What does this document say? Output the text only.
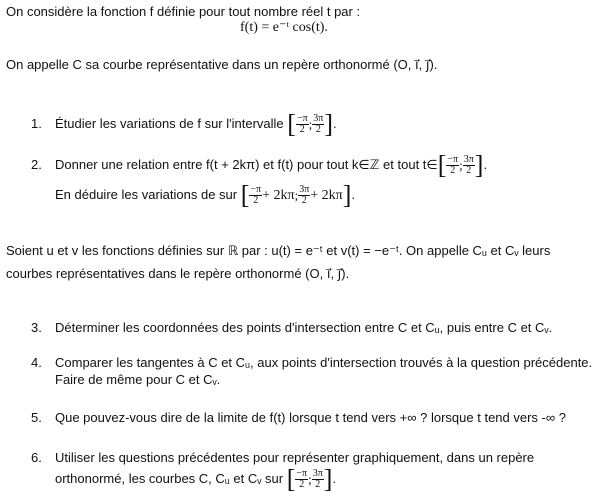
On considère la fonction f définie pour tout nombre réel t par :
f(t) = e⁻ᵗ cos(t).
On appelle C sa courbe représentative dans un repère orthonormé (O, i⃗, j⃗).
1. Étudier les variations de f sur l'intervalle [ $\frac{-\pi}{2}$ ; $\frac{3\pi}{2}$ ].
2. Donner une relation entre f(t + 2kπ) et f(t) pour tout k∈ℤ et tout t∈[ $\frac{-\pi}{2}$ ; $\frac{3\pi}{2}$ ].
En déduire les variations de sur [ $\frac{-\pi}{2} + 2k\pi$; $\frac{3\pi}{2} + 2k\pi$].
Soient u et v les fonctions définies sur ℝ par : u(t) = e⁻ᵗ et v(t) = −e⁻ᵗ. On appelle Cᵤ et Cᵥ leurs
courbes représentatives dans le repère orthonormé (O, i⃗, j⃗).
3. Déterminer les coordonnées des points d'intersection entre C et Cᵤ, puis entre C et Cᵥ.
4. Comparer les tangentes à C et Cᵤ, aux points d'intersection trouvés à la question précédente.
Faire de même pour C et Cᵥ.
5. Que pouvez-vous dire de la limite de f(t) lorsque t tend vers +∞ ? lorsque t tend vers -∞ ?
6. Utiliser les questions précédentes pour représenter graphiquement, dans un repère
orthonormé, les courbes C, Cᵤ et Cᵥ sur [ $\frac{-\pi}{2}$ ; $\frac{3\pi}{2}$ ].
